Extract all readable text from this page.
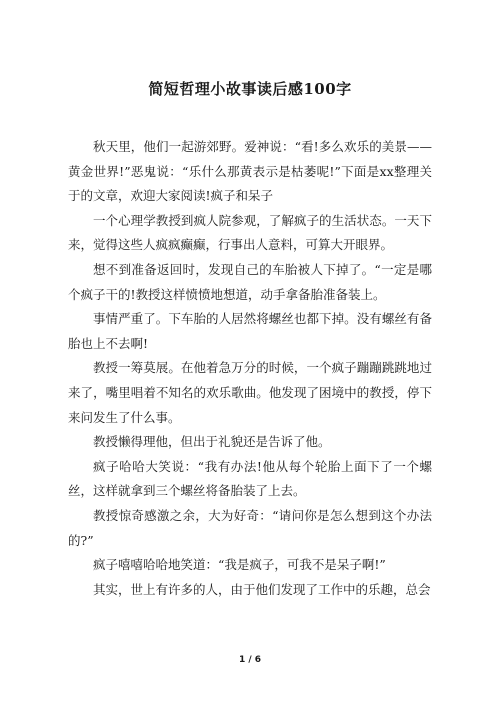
简短哲理小故事读后感100字

秋天里，他们一起游郊野。爱神说：“看!多么欢乐的美景——黄金世界!”恶鬼说：“乐什么那黄表示是枯萎呢!”下面是xx整理关于的文章，欢迎大家阅读!疯子和呆子

一个心理学教授到疯人院参观，了解疯子的生活状态。一天下来，觉得这些人疯疯癫癫，行事出人意料，可算大开眼界。

想不到准备返回时，发现自己的车胎被人下掉了。“一定是哪个疯子干的!教授这样愤愤地想道，动手拿备胎准备装上。

事情严重了。下车胎的人居然将螺丝也都下掉。没有螺丝有备胎也上不去啊!

教授一筹莫展。在他着急万分的时候，一个疯子蹦蹦跳跳地过来了，嘴里唱着不知名的欢乐歌曲。他发现了困境中的教授，停下来问发生了什么事。

教授懒得理他，但出于礼貌还是告诉了他。

疯子哈哈大笑说：“我有办法!他从每个轮胎上面下了一个螺丝，这样就拿到三个螺丝将备胎装了上去。

教授惊奇感激之余，大为好奇：“请问你是怎么想到这个办法的?”

疯子嘻嘻哈哈地笑道：“我是疯子，可我不是呆子啊!”

其实，世上有许多的人，由于他们发现了工作中的乐趣，总会

1 / 6
